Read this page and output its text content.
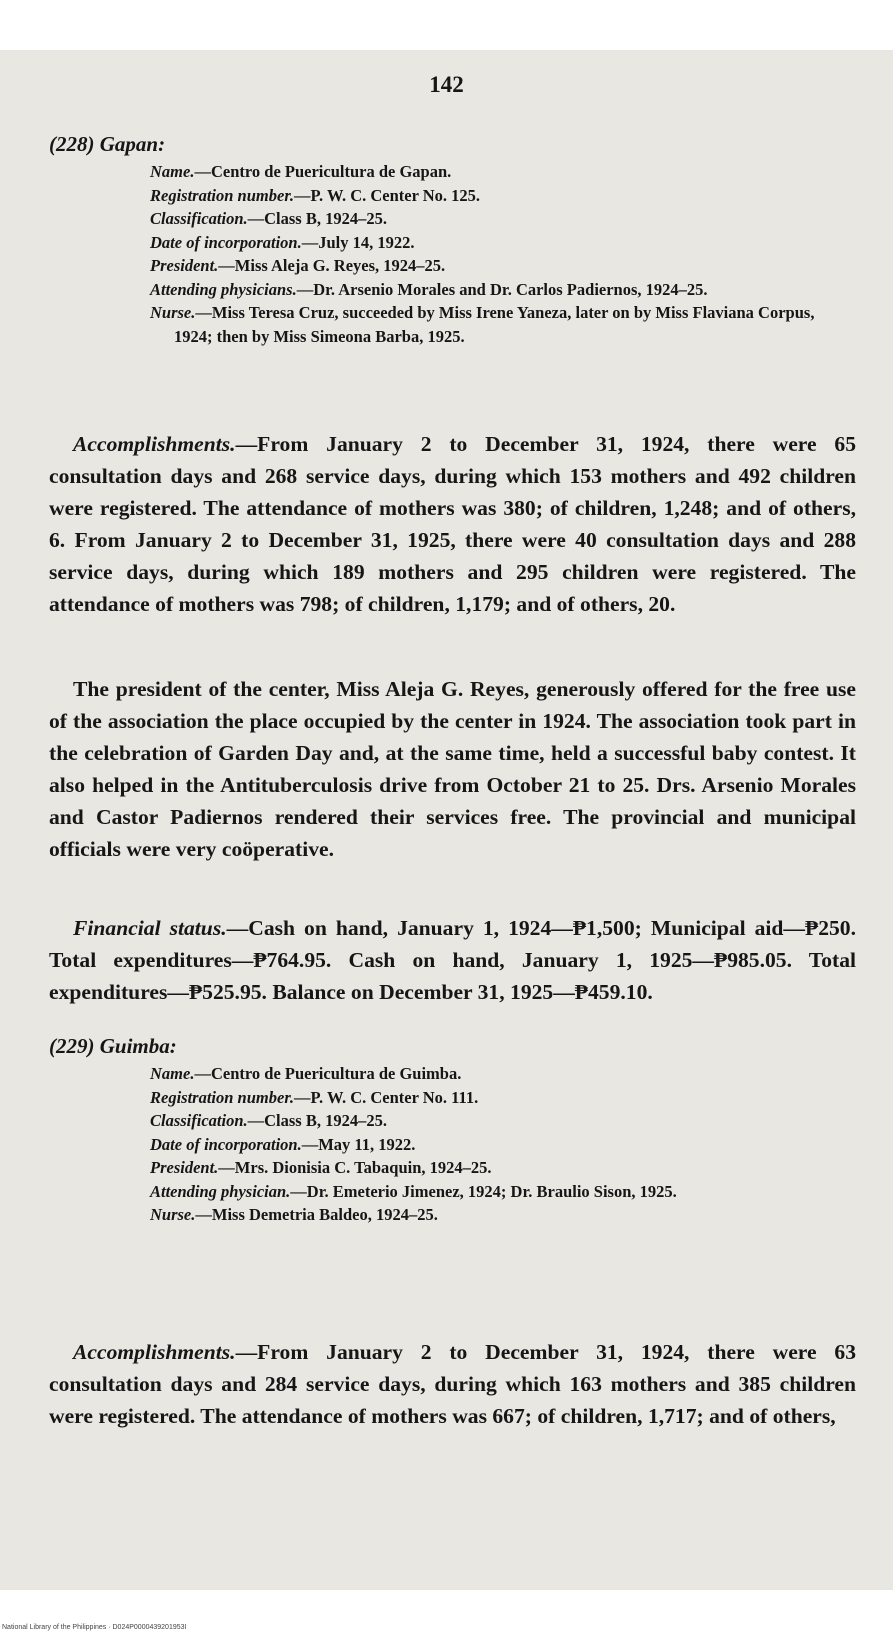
142
(228) Gapan:

Name.—Centro de Puericultura de Gapan.

Registration number.—P. W. C. Center No. 125.

Classification.—Class B, 1924–25.

Date of incorporation.—July 14, 1922.

President.—Miss Aleja G. Reyes, 1924–25.

Attending physicians.—Dr. Arsenio Morales and Dr. Carlos Padiernos, 1924–25.

Nurse.—Miss Teresa Cruz, succeeded by Miss Irene Yaneza, later on by Miss Flaviana Corpus, 1924; then by Miss Simeona Barba, 1925.

Accomplishments.—From January 2 to December 31, 1924, there were 65 consultation days and 268 service days, during which 153 mothers and 492 children were registered. The attendance of mothers was 380; of children, 1,248; and of others, 6. From January 2 to December 31, 1925, there were 40 consultation days and 288 service days, during which 189 mothers and 295 children were registered. The attendance of mothers was 798; of children, 1,179; and of others, 20.

The president of the center, Miss Aleja G. Reyes, generously offered for the free use of the association the place occupied by the center in 1924. The association took part in the celebration of Garden Day and, at the same time, held a successful baby contest. It also helped in the Antituberculosis drive from October 21 to 25. Drs. Arsenio Morales and Castor Padiernos rendered their services free. The provincial and municipal officials were very coöperative.

Financial status.—Cash on hand, January 1, 1924—₱1,500; Municipal aid—₱250. Total expenditures—₱764.95. Cash on hand, January 1, 1925—₱985.05. Total expenditures—₱525.95. Balance on December 31, 1925—₱459.10.

(229) Guimba:

Name.—Centro de Puericultura de Guimba.

Registration number.—P. W. C. Center No. 111.

Classification.—Class B, 1924–25.

Date of incorporation.—May 11, 1922.

President.—Mrs. Dionisia C. Tabaquin, 1924–25.

Attending physician.—Dr. Emeterio Jimenez, 1924; Dr. Braulio Sison, 1925.

Nurse.—Miss Demetria Baldeo, 1924–25.

Accomplishments.—From January 2 to December 31, 1924, there were 63 consultation days and 284 service days, during which 163 mothers and 385 children were registered. The attendance of mothers was 667; of children, 1,717; and of others,

National Library of the Philippines · D024P0000439201953I
